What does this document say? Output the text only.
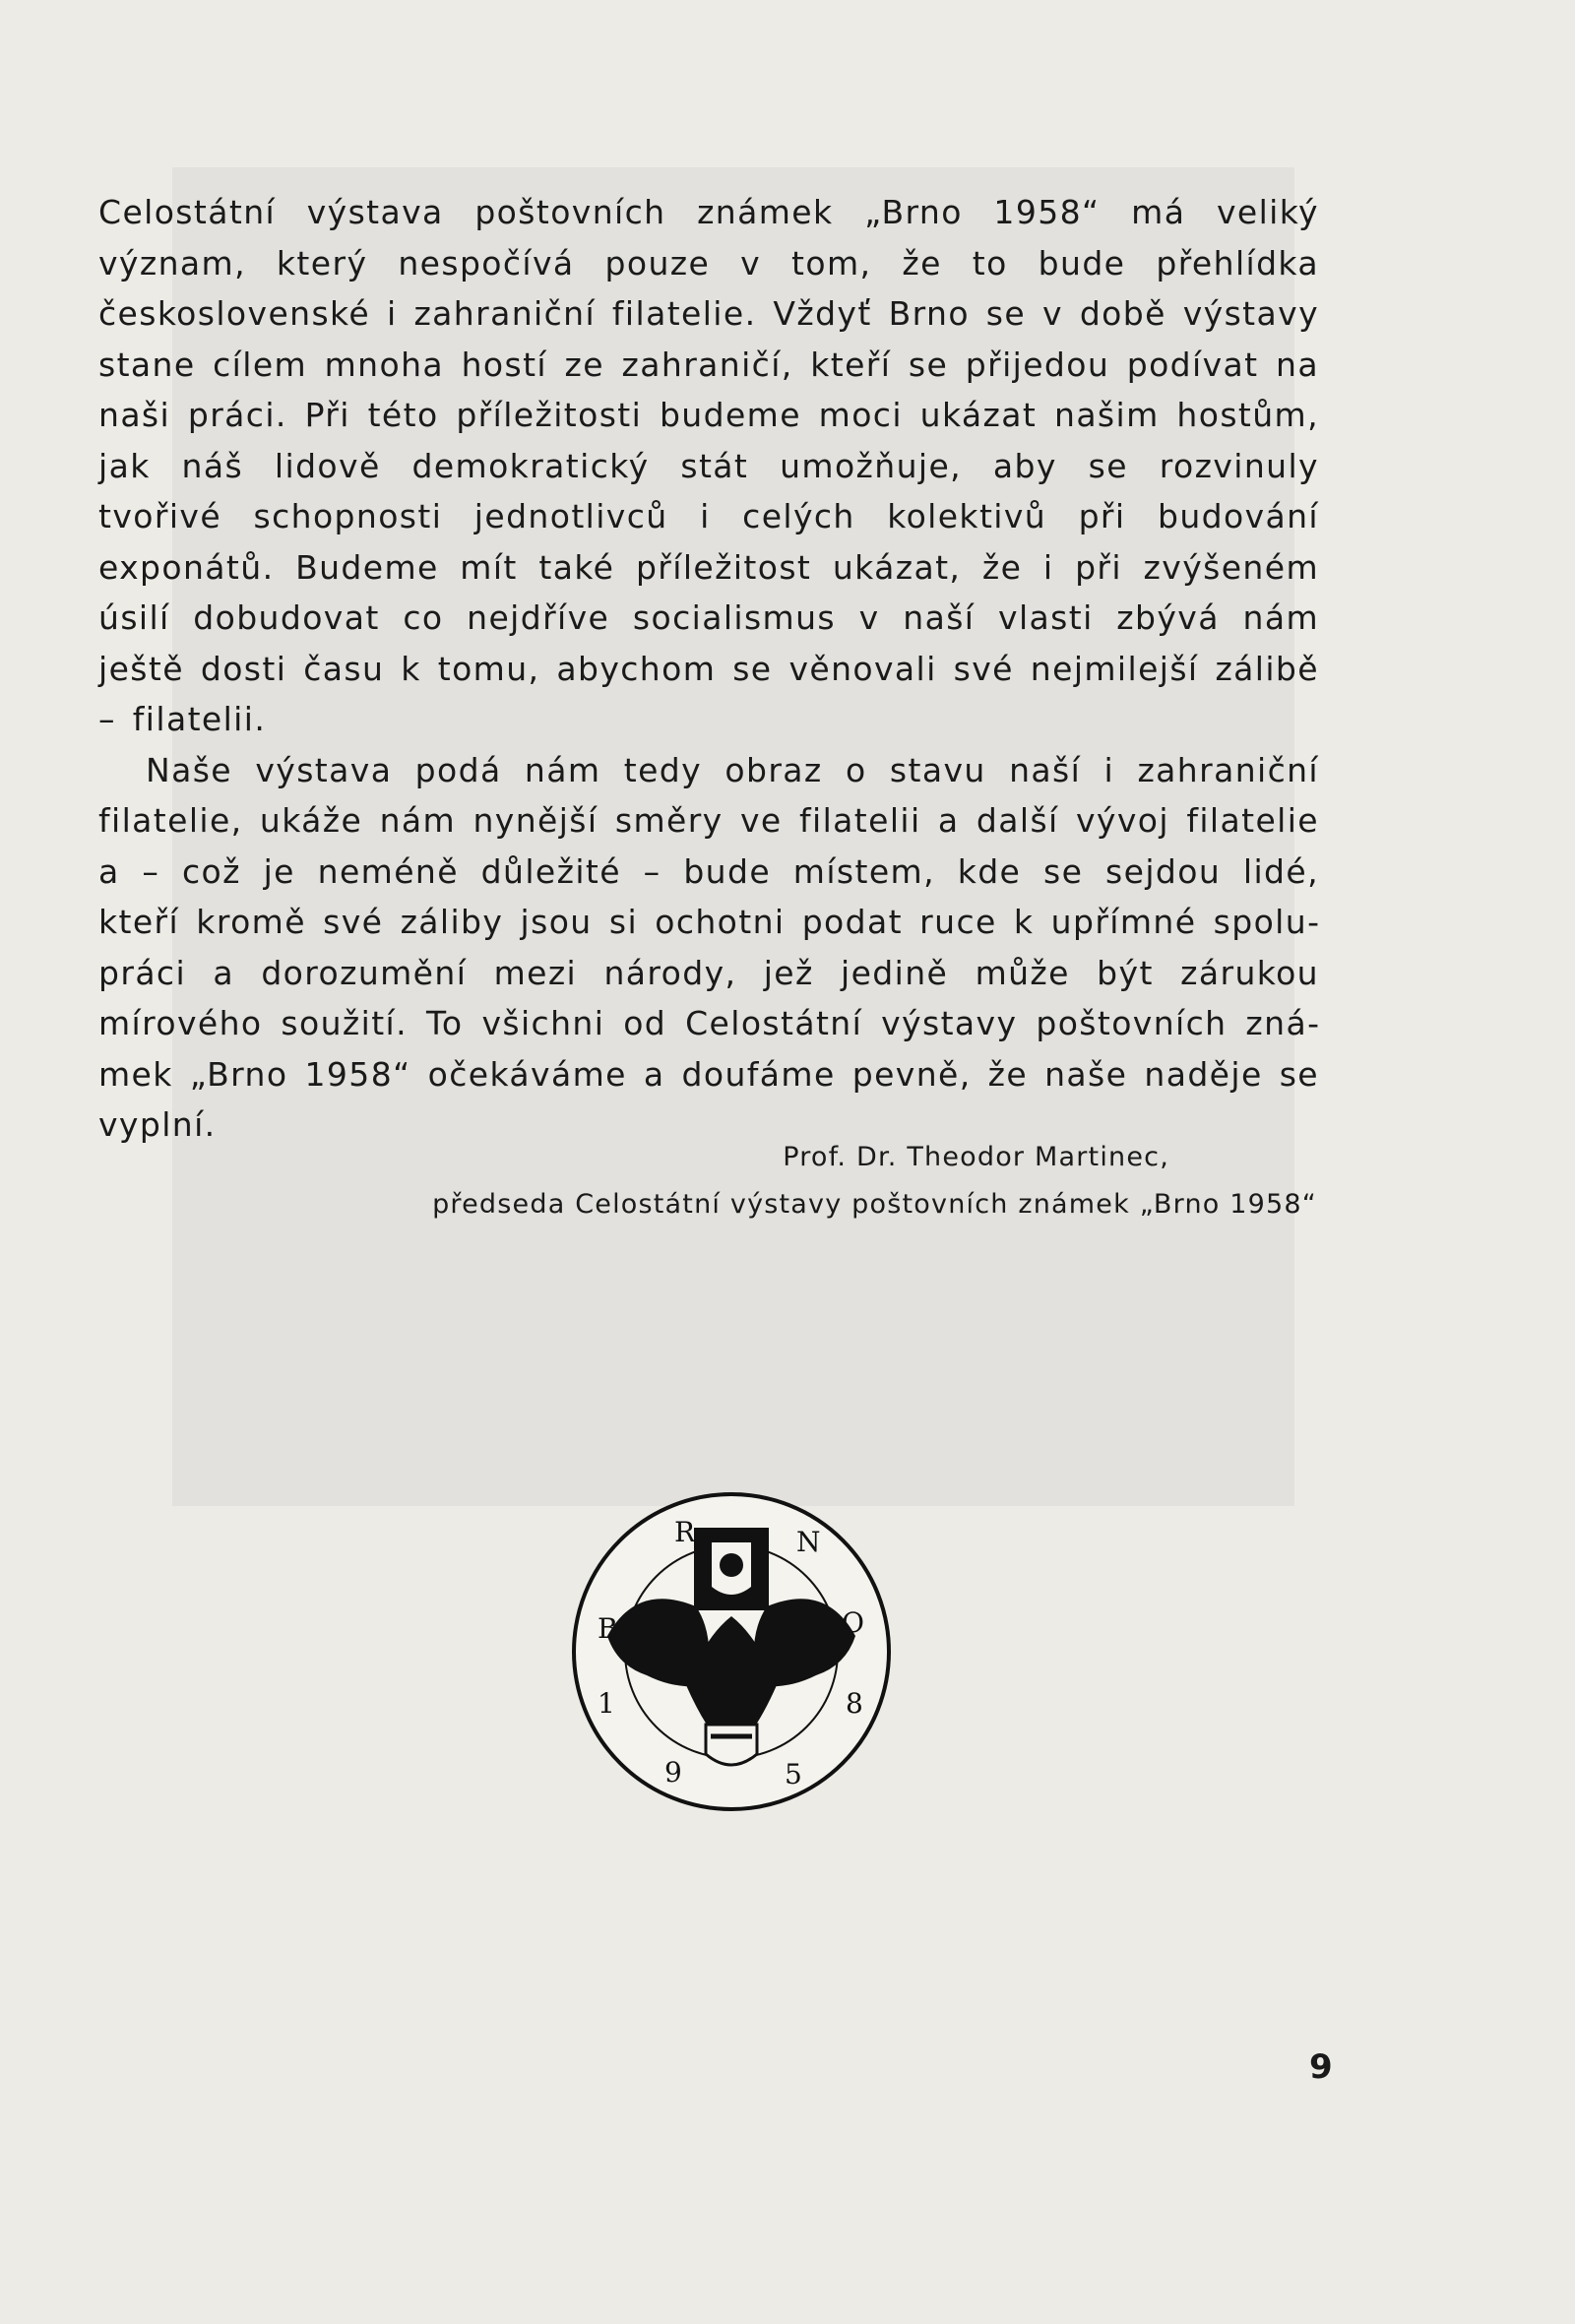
Celostátní výstava poštovních známek „Brno 1958“ má veliký význam, který nespočívá pouze v tom, že to bude přehlídka československé i zahraniční filatelie. Vždyť Brno se v době výstavy stane cílem mnoha hostí ze zahraničí, kteří se přijedou podívat na naši práci. Při této příležitosti budeme moci ukázat našim hostům, jak náš lidově demokratický stát umožňuje, aby se rozvinuly tvořivé schopnosti jednotlivců i celých kolektivů při budování exponátů. Budeme mít také příležitost ukázat, že i při zvýšeném úsilí dobudovat co nejdříve socialismus v naší vlasti zbývá nám ještě dosti času k tomu, abychom se věnovali své nejmilejší zálibě – filatelii.

Naše výstava podá nám tedy obraz o stavu naší i zahraniční filatelie, ukáže nám nynější směry ve filatelii a další vývoj filatelie a – což je neméně důležité – bude místem, kde se sejdou lidé, kteří kromě své záliby jsou si ochotni podat ruce k upřímné spolupráci a dorozumění mezi národy, jež jedině může být zárukou mírového soužití. To všichni od Celostátní výstavy poštovních známek „Brno 1958“ očekáváme a doufáme pevně, že naše naděje se vyplní.

Prof. Dr. Theodor Martinec,
předseda Celostátní výstavy poštovních známek „Brno 1958“
B
R	N
O
1
9	5
8
9
